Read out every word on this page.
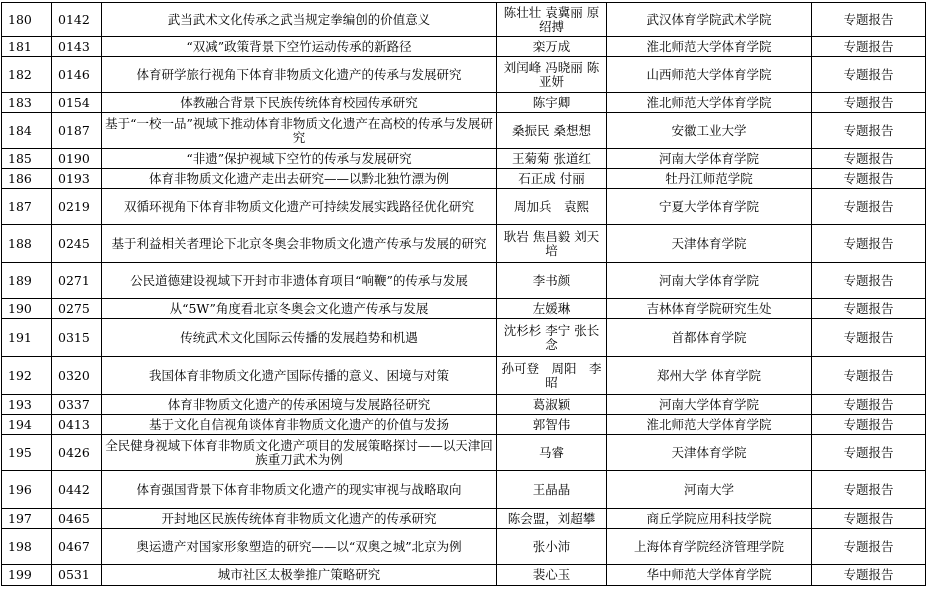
180	0142	武当武术文化传承之武当规定拳编创的价值意义	陈壮壮 袁冀丽 原绍搏	武汉体育学院武术学院	专题报告
181	0143	“双减”政策背景下空竹运动传承的新路径	栾万成	淮北师范大学体育学院	专题报告
182	0146	体育研学旅行视角下体育非物质文化遗产的传承与发展研究	刘闰峰 冯晓丽 陈亚妍	山西师范大学体育学院	专题报告
183	0154	体教融合背景下民族传统体育校园传承研究	陈宇卿	淮北师范大学体育学院	专题报告
184	0187	基于“一校一品”视域下推动体育非物质文化遗产在高校的传承与发展研究	桑振民 桑想想	安徽工业大学	专题报告
185	0190	“非遗”保护视域下空竹的传承与发展研究	王菊菊 张道红	河南大学体育学院	专题报告
186	0193	体育非物质文化遗产走出去研究——以黔北独竹漂为例	石正成 付丽	牡丹江师范学院	专题报告
187	0219	双循环视角下体育非物质文化遗产可持续发展实践路径优化研究	周加兵　袁熙	宁夏大学体育学院	专题报告
188	0245	基于利益相关者理论下北京冬奥会非物质文化遗产传承与发展的研究	耿岩 焦昌毅 刘天培	天津体育学院	专题报告
189	0271	公民道德建设视域下开封市非遗体育项目“响鞭”的传承与发展	李书颜	河南大学体育学院	专题报告
190	0275	从“5W”角度看北京冬奥会文化遗产传承与发展	左媛琳	吉林体育学院研究生处	专题报告
191	0315	传统武术文化国际云传播的发展趋势和机遇	沈杉杉 李宁 张长念	首都体育学院	专题报告
192	0320	我国体育非物质文化遗产国际传播的意义、困境与对策	孙可登　周阳　李昭	郑州大学 体育学院	专题报告
193	0337	体育非物质文化遗产的传承困境与发展路径研究	葛淑颖	河南大学体育学院	专题报告
194	0413	基于文化自信视角谈体育非物质文化遗产的价值与发扬	郭智伟	淮北师范大学体育学院	专题报告
195	0426	全民健身视域下体育非物质文化遗产项目的发展策略探讨——以天津回族重刀武术为例	马睿	天津体育学院	专题报告
196	0442	体育强国背景下体育非物质文化遗产的现实审视与战略取向	王晶晶	河南大学	专题报告
197	0465	开封地区民族传统体育非物质文化遗产的传承研究	陈会盟，刘超攀	商丘学院应用科技学院	专题报告
198	0467	奥运遗产对国家形象塑造的研究——以“双奥之城”北京为例	张小沛	上海体育学院经济管理学院	专题报告
199	0531	城市社区太极拳推广策略研究	裴心玉	华中师范大学体育学院	专题报告
